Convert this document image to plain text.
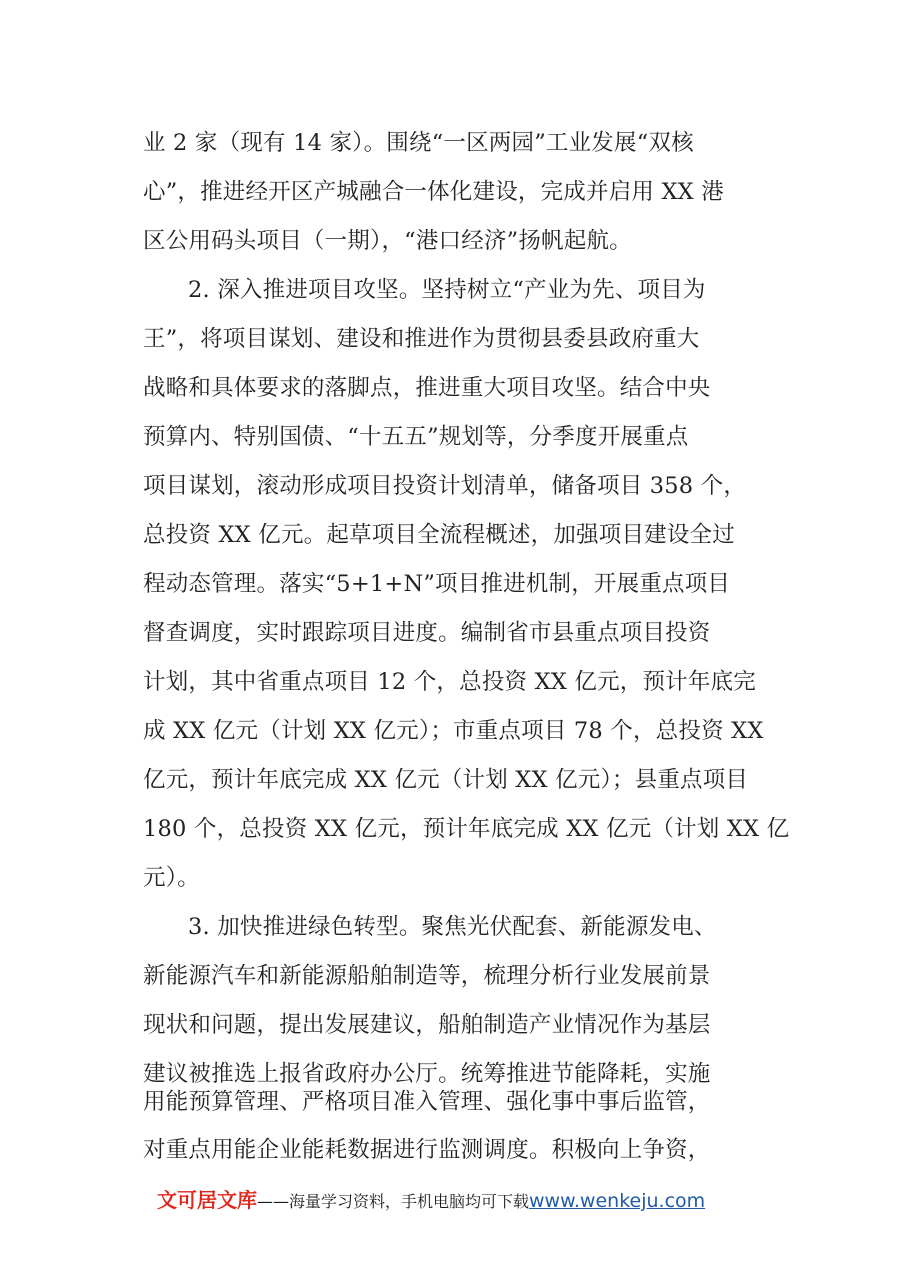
业 2 家（现有 14 家）。围绕“一区两园”工业发展“双核
心”，推进经开区产城融合一体化建设，完成并启用 XX 港
区公用码头项目（一期），“港口经济”扬帆起航。
2. 深入推进项目攻坚。坚持树立“产业为先、项目为
王”，将项目谋划、建设和推进作为贯彻县委县政府重大
战略和具体要求的落脚点，推进重大项目攻坚。结合中央
预算内、特别国债、“十五五”规划等，分季度开展重点
项目谋划，滚动形成项目投资计划清单，储备项目 358 个，
总投资 XX 亿元。起草项目全流程概述，加强项目建设全过
程动态管理。落实“5+1+N”项目推进机制，开展重点项目
督查调度，实时跟踪项目进度。编制省市县重点项目投资
计划，其中省重点项目 12 个，总投资 XX 亿元，预计年底完
成 XX 亿元（计划 XX 亿元）；市重点项目 78 个，总投资 XX
亿元，预计年底完成 XX 亿元（计划 XX 亿元）；县重点项目
180 个，总投资 XX 亿元，预计年底完成 XX 亿元（计划 XX 亿
元）。
3. 加快推进绿色转型。聚焦光伏配套、新能源发电、
新能源汽车和新能源船舶制造等，梳理分析行业发展前景
现状和问题，提出发展建议，船舶制造产业情况作为基层
建议被推选上报省政府办公厅。统筹推进节能降耗，实施
用能预算管理、严格项目准入管理、强化事中事后监管，
对重点用能企业能耗数据进行监测调度。积极向上争资，
文可居文库——海量学习资料，手机电脑均可下载www.wenkeju.com
